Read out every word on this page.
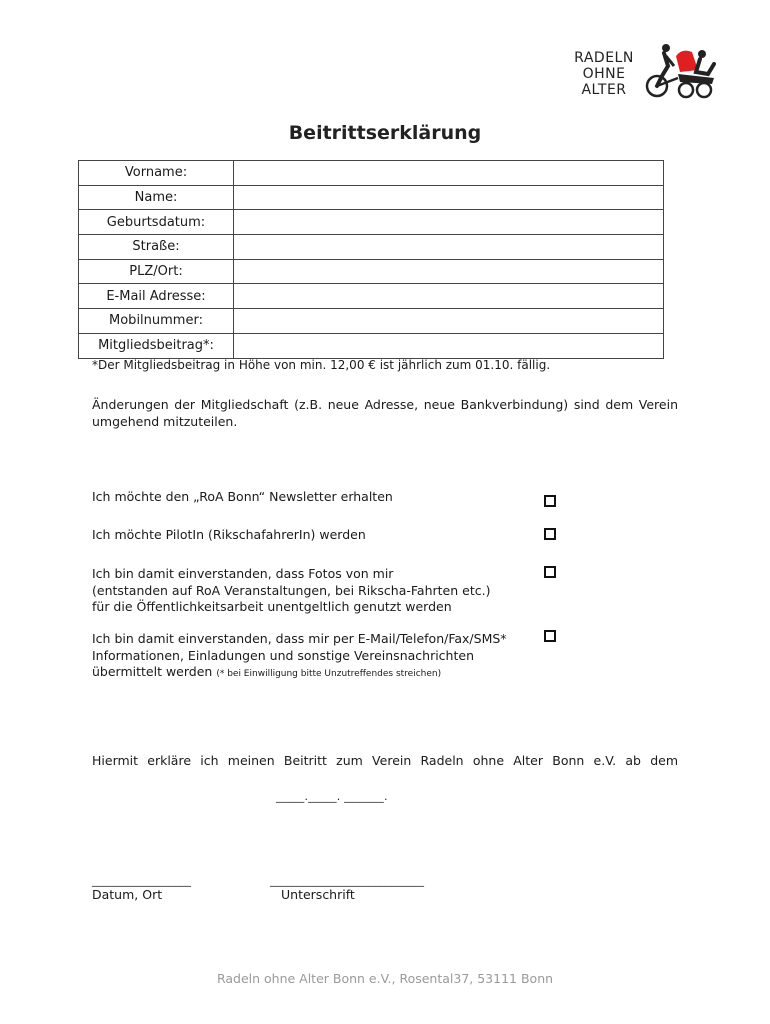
RADELN
OHNE
ALTER
Beitrittserklärung
Vorname:	
Name:	
Geburtsdatum:	
Straße:	
PLZ/Ort:	
E-Mail Adresse:	
Mobilnummer:	
Mitgliedsbeitrag*:	
*Der Mitgliedsbeitrag in Höhe von min. 12,00 € ist jährlich zum 01.10. fällig.
Änderungen der Mitgliedschaft (z.B. neue Adresse, neue Bankverbindung) sind dem Verein
umgehend mitzuteilen.
Ich möchte den „RoA Bonn“ Newsletter erhalten
Ich möchte PilotIn (RikschafahrerIn) werden
Ich bin damit einverstanden, dass Fotos von mir
(entstanden auf RoA Veranstaltungen, bei Rikscha-Fahrten etc.)
für die Öffentlichkeitsarbeit unentgeltlich genutzt werden
Ich bin damit einverstanden, dass mir per E-Mail/Telefon/Fax/SMS*
Informationen, Einladungen und sonstige Vereinsnachrichten
übermittelt werden (* bei Einwilligung bitte Unzutreffendes streichen)
Hiermit erkläre ich meinen Beitritt zum Verein Radeln ohne Alter Bonn e.V. ab dem
_____._____. _______.
__________________	____________________________
Datum, Ort	Unterschrift
Radeln ohne Alter Bonn e.V., Rosental37, 53111 Bonn
